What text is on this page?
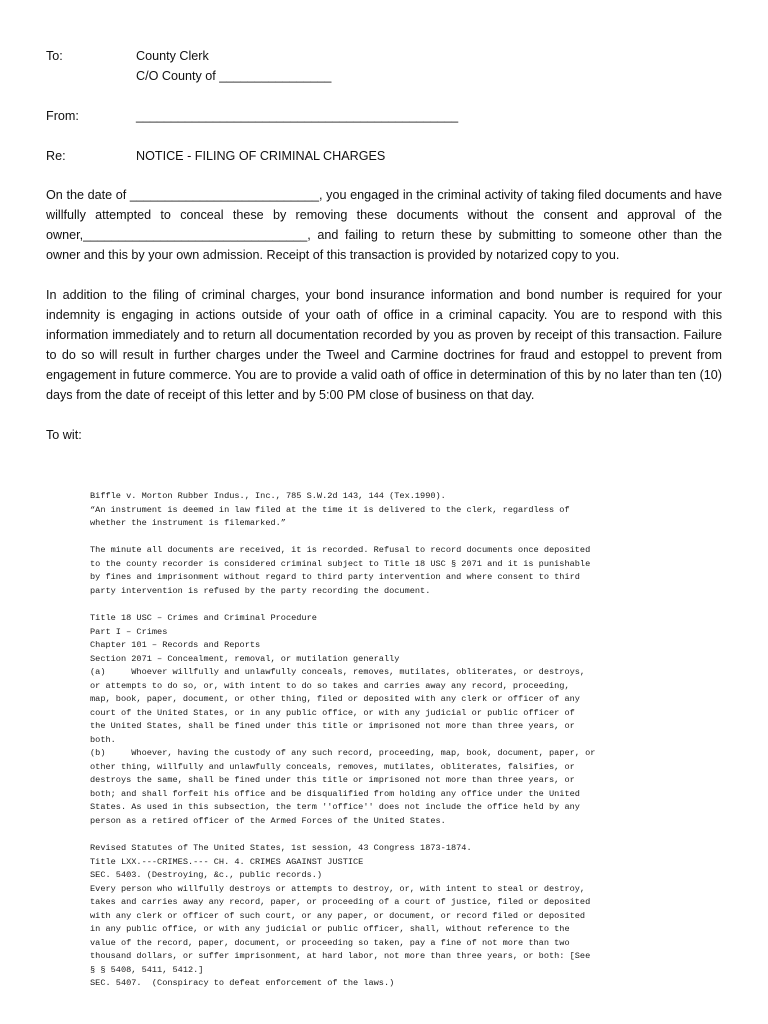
To:	County Clerk
C/O County of ________________
From:	______________________________________________
Re:	NOTICE - FILING OF CRIMINAL CHARGES

On the date of ___________________________, you engaged in the criminal activity of taking filed documents and have willfully attempted to conceal these by removing these documents without the consent and approval of the owner,________________________________, and failing to return these by submitting to someone other than the owner and this by your own admission. Receipt of this transaction is provided by notarized copy to you.

In addition to the filing of criminal charges, your bond insurance information and bond number is required for your indemnity is engaging in actions outside of your oath of office in a criminal capacity. You are to respond with this information immediately and to return all documentation recorded by you as proven by receipt of this transaction. Failure to do so will result in further charges under the Tweel and Carmine doctrines for fraud and estoppel to prevent from engagement in future commerce. You are to provide a valid oath of office in determination of this by no later than ten (10) days from the date of receipt of this letter and by 5:00 PM close of business on that day.

To wit:

Biffle v. Morton Rubber Indus., Inc., 785 S.W.2d 143, 144 (Tex.1990).
“An instrument is deemed in law filed at the time it is delivered to the clerk, regardless of
whether the instrument is filemarked.”

The minute all documents are received, it is recorded. Refusal to record documents once deposited
to the county recorder is considered criminal subject to Title 18 USC § 2071 and it is punishable
by fines and imprisonment without regard to third party intervention and where consent to third
party intervention is refused by the party recording the document.

Title 18 USC – Crimes and Criminal Procedure
Part I – Crimes
Chapter 101 – Records and Reports
Section 2071 – Concealment, removal, or mutilation generally
(a)     Whoever willfully and unlawfully conceals, removes, mutilates, obliterates, or destroys,
or attempts to do so, or, with intent to do so takes and carries away any record, proceeding,
map, book, paper, document, or other thing, filed or deposited with any clerk or officer of any
court of the United States, or in any public office, or with any judicial or public officer of
the United States, shall be fined under this title or imprisoned not more than three years, or
both.
(b)     Whoever, having the custody of any such record, proceeding, map, book, document, paper, or
other thing, willfully and unlawfully conceals, removes, mutilates, obliterates, falsifies, or
destroys the same, shall be fined under this title or imprisoned not more than three years, or
both; and shall forfeit his office and be disqualified from holding any office under the United
States. As used in this subsection, the term ''office'' does not include the office held by any
person as a retired officer of the Armed Forces of the United States.

Revised Statutes of The United States, 1st session, 43 Congress 1873-1874.
Title LXX.---CRIMES.--- CH. 4. CRIMES AGAINST JUSTICE
SEC. 5403. (Destroying, &c., public records.)
Every person who willfully destroys or attempts to destroy, or, with intent to steal or destroy,
takes and carries away any record, paper, or proceeding of a court of justice, filed or deposited
with any clerk or officer of such court, or any paper, or document, or record filed or deposited
in any public office, or with any judicial or public officer, shall, without reference to the
value of the record, paper, document, or proceeding so taken, pay a fine of not more than two
thousand dollars, or suffer imprisonment, at hard labor, not more than three years, or both: [See
§ § 5408, 5411, 5412.]
SEC. 5407.  (Conspiracy to defeat enforcement of the laws.)
